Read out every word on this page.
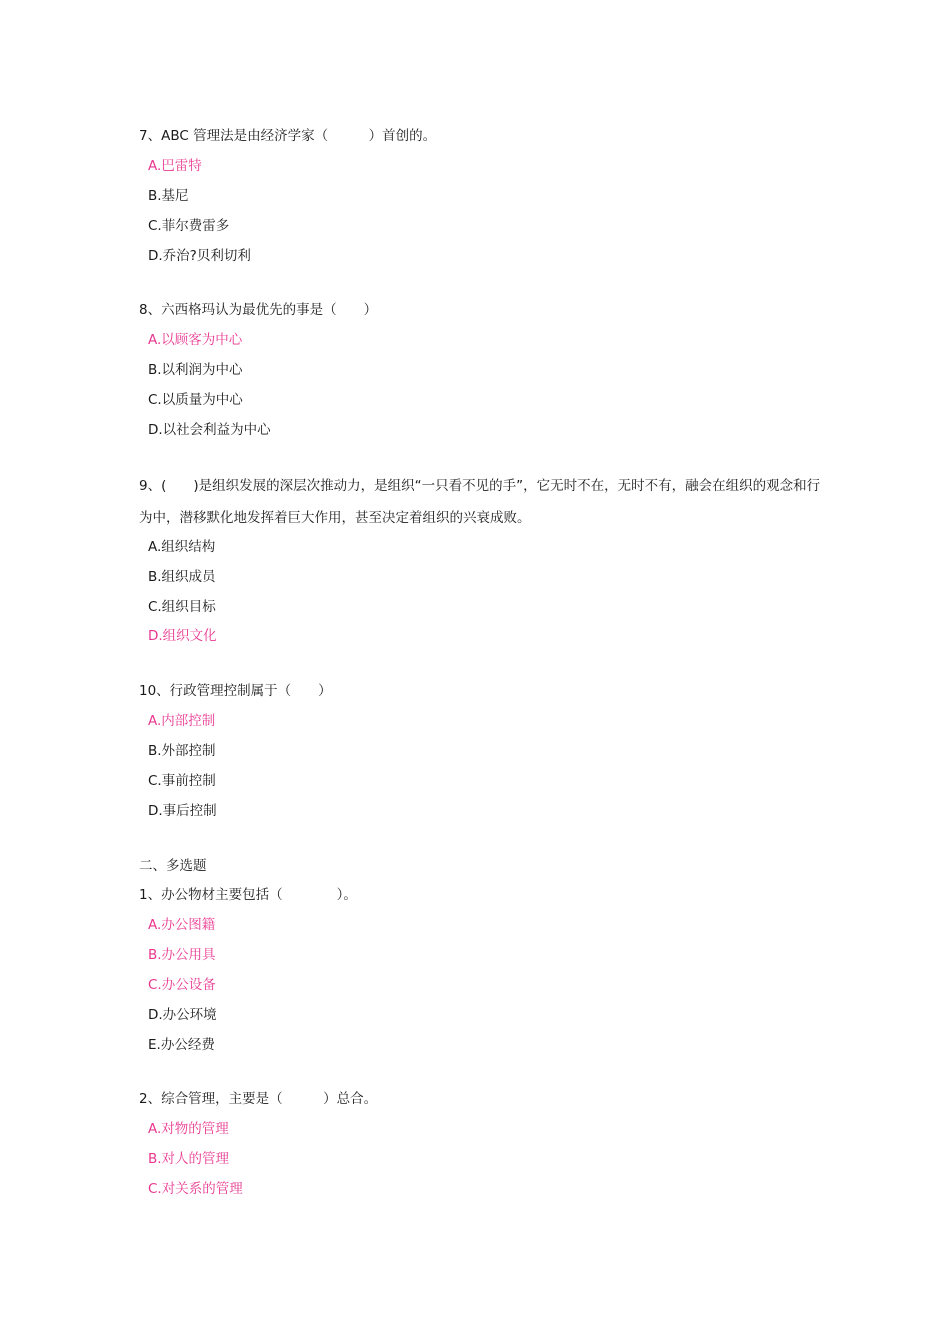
7、ABC 管理法是由经济学家（　　　）首创的。
A.巴雷特
B.基尼
C.菲尔费雷多
D.乔治?贝利切利
8、六西格玛认为最优先的事是（　　）
A.以顾客为中心
B.以利润为中心
C.以质量为中心
D.以社会利益为中心
9、(　　)是组织发展的深层次推动力，是组织“一只看不见的手”，它无时不在，无时不有，融会在组织的观念和行为中，潜移默化地发挥着巨大作用，甚至决定着组织的兴衰成败。
A.组织结构
B.组织成员
C.组织目标
D.组织文化
10、行政管理控制属于（　　）
A.内部控制
B.外部控制
C.事前控制
D.事后控制
二、多选题
1、办公物材主要包括（　　　　）。
A.办公图籍
B.办公用具
C.办公设备
D.办公环境
E.办公经费
2、综合管理，主要是（　　　）总合。
A.对物的管理
B.对人的管理
C.对关系的管理
